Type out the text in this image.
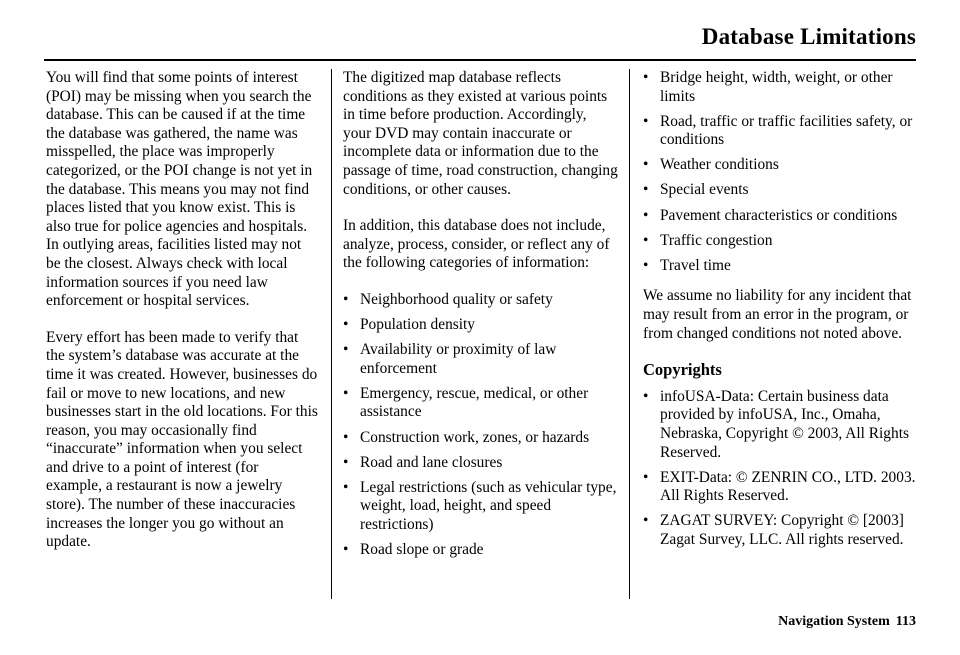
Database Limitations

You will find that some points of interest (POI) may be missing when you search the database. This can be caused if at the time the database was gathered, the name was misspelled, the place was improperly categorized, or the POI change is not yet in the database. This means you may not find places listed that you know exist. This is also true for police agencies and hospitals. In outlying areas, facilities listed may not be the closest. Always check with local information sources if you need law enforcement or hospital services.

Every effort has been made to verify that the system’s database was accurate at the time it was created. However, businesses do fail or move to new locations, and new businesses start in the old locations. For this reason, you may occasionally find “inaccurate” information when you select and drive to a point of interest (for example, a restaurant is now a jewelry store). The number of these inaccuracies increases the longer you go without an update.

The digitized map database reflects conditions as they existed at various points in time before production. Accordingly, your DVD may contain inaccurate or incomplete data or information due to the passage of time, road construction, changing conditions, or other causes.

In addition, this database does not include, analyze, process, consider, or reflect any of the following categories of information:

• Neighborhood quality or safety
• Population density
• Availability or proximity of law enforcement
• Emergency, rescue, medical, or other assistance
• Construction work, zones, or hazards
• Road and lane closures
• Legal restrictions (such as vehicular type, weight, load, height, and speed restrictions)
• Road slope or grade
• Bridge height, width, weight, or other limits
• Road, traffic or traffic facilities safety, or conditions
• Weather conditions
• Special events
• Pavement characteristics or conditions
• Traffic congestion
• Travel time

We assume no liability for any incident that may result from an error in the program, or from changed conditions not noted above.

Copyrights
• infoUSA-Data: Certain business data provided by infoUSA, Inc., Omaha, Nebraska, Copyright © 2003, All Rights Reserved.
• EXIT-Data: © ZENRIN CO., LTD. 2003. All Rights Reserved.
• ZAGAT SURVEY: Copyright © [2003] Zagat Survey, LLC. All rights reserved.
Navigation System 113
